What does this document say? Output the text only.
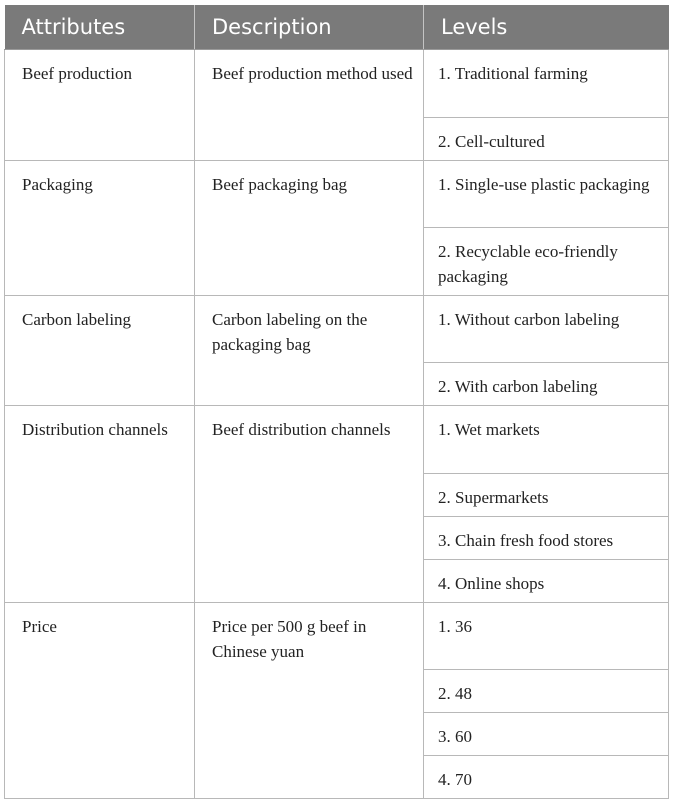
Attributes	Description	Levels
Beef production	Beef production method used	1. Traditional farming
		2. Cell-cultured
Packaging	Beef packaging bag	1. Single-use plastic packaging
		2. Recyclable eco-friendly packaging
Carbon labeling	Carbon labeling on the packaging bag	1. Without carbon labeling
		2. With carbon labeling
Distribution channels	Beef distribution channels	1. Wet markets
		2. Supermarkets
		3. Chain fresh food stores
		4. Online shops
Price	Price per 500 g beef in Chinese yuan	1. 36
		2. 48
		3. 60
		4. 70
